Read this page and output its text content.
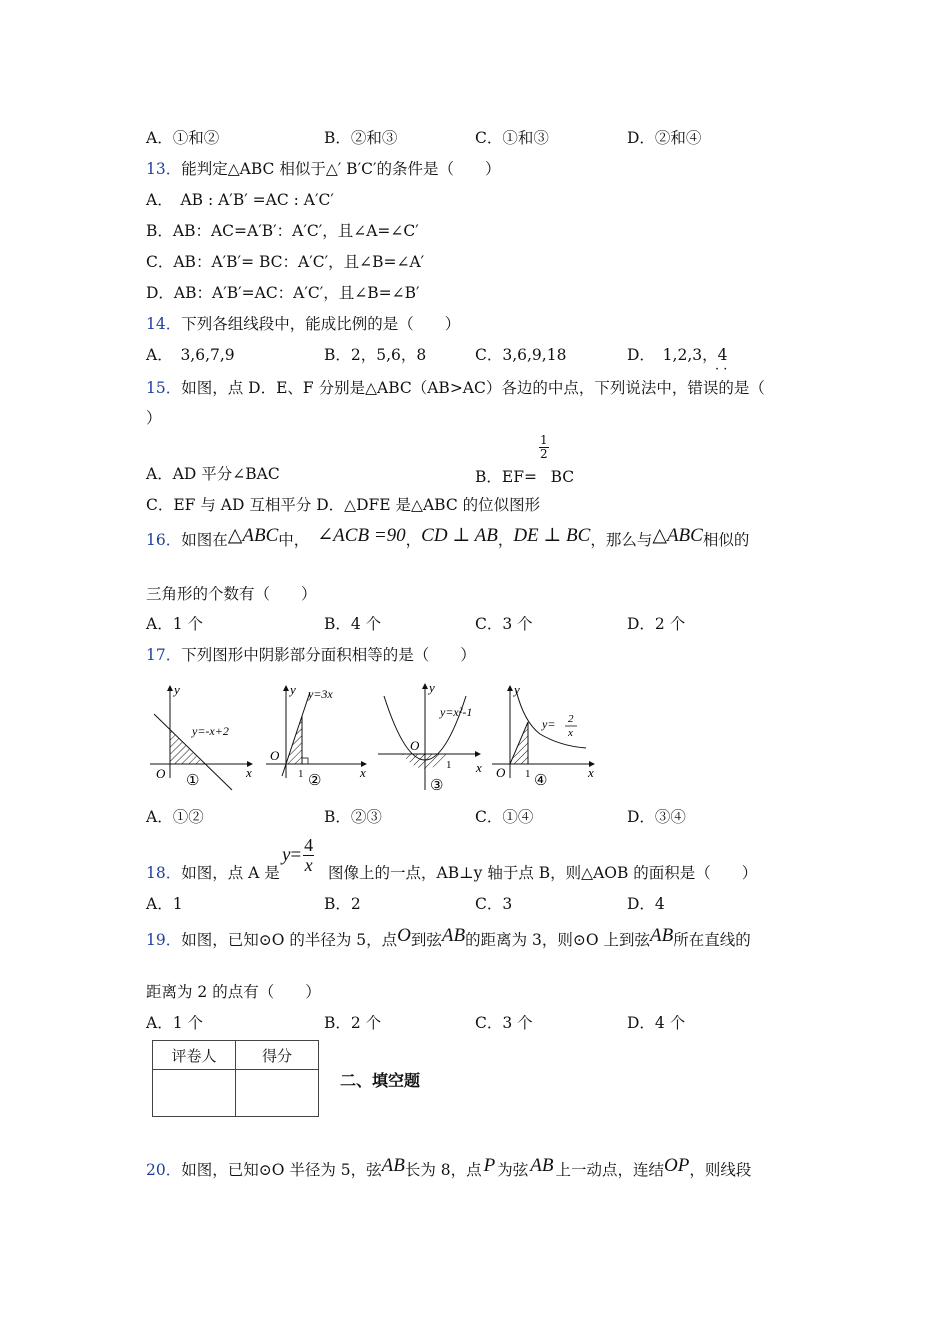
A．①和②	B．②和③	C．①和③	D．②和④
13．能判定△ABC 相似于△′ B′C′的条件是（　　）
A．　AB : A′B′ =AC : A′C′
B．AB：AC=A′B′：A′C′，且∠A=∠C′
C．AB：A′B′= BC：A′C′，且∠B=∠A′
D．AB：A′B′=AC：A′C′，且∠B=∠B′
14．下列各组线段中，能成比例的是（　　）
A．　3,6,7,9	B．2，5,6，8	C．3,6,9,18	D．　1,2,3，4
· ·
15．如图，点 D．E、F 分别是△ABC（AB>AC）各边的中点，下列说法中，错误的是（
）
A．AD 平分∠BAC	B．EF=
$\frac{1}{2}$
BC
C．EF 与 AD 互相平分 D．△DFE 是△ABC 的位似图形
16．如图在△ABC中， ∠ACB =90，CD ⊥ AB，DE ⊥ BC，那么与△ABC相似的
三角形的个数有（　　）
A．1 个	B．4 个	C．3 个	D．2 个
17．下列图形中阴影部分面积相等的是（　　）
y
x
O
y=-x+2
①
y
x
O
1
y=3x
②
y
x
O
1
y=x²-1
③
y
x
O 1
y= 2
x
④
A．①②	B．②③	C．①④	D．③④
18．如图，点 A 是
$y= \frac{4}{x}$ 图像上的一点，AB⊥y 轴于点 B，则△AOB 的面积是（　　）
A．1	B．2	C．3	D．4
19．如图，已知⊙O 的半径为 5，点O到弦AB的距离为 3，则⊙O 上到弦AB所在直线的
距离为 2 的点有（　　）
A．1 个	B．2 个	C．3 个	D．4 个
评卷人	得分

二、填空题
20．如图，已知⊙O 半径为 5，弦AB长为 8，点 P 为弦 AB 上一动点，连结OP，则线段
